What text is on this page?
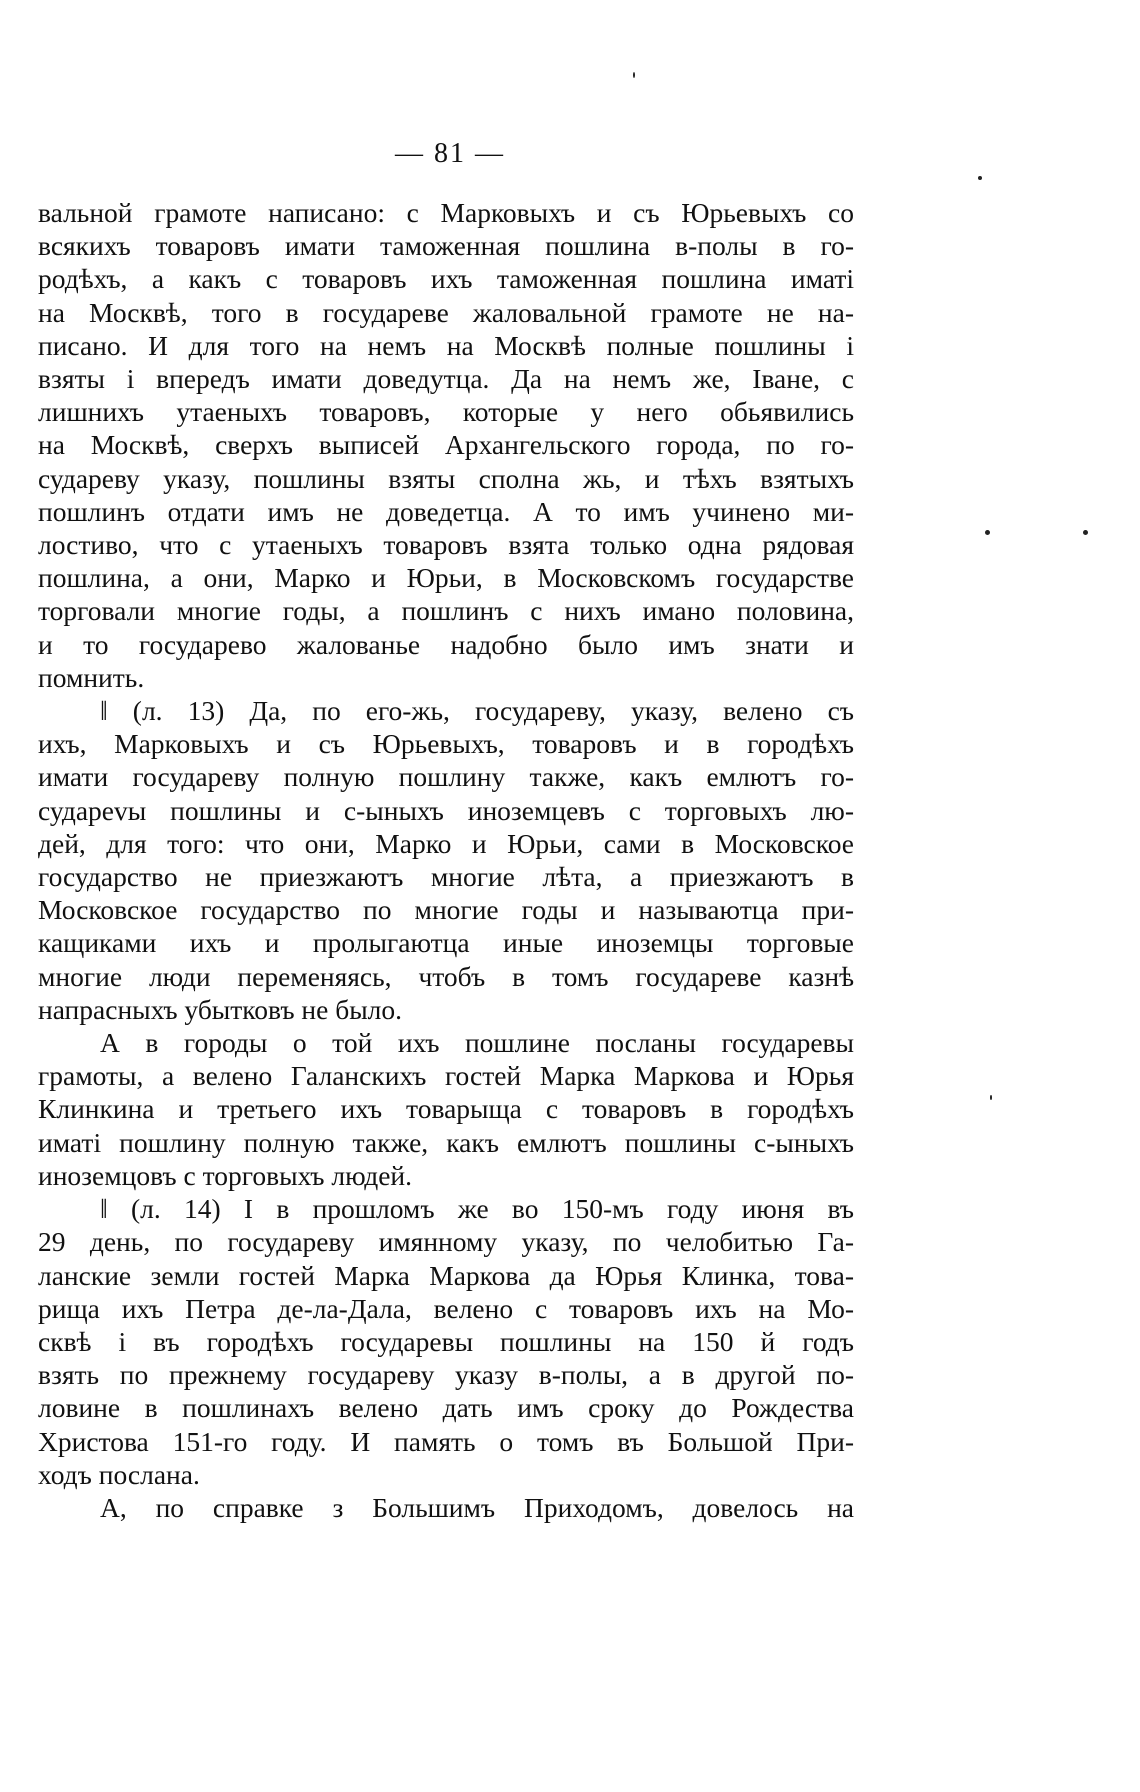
— 81 —
вальной грамоте написано: с Марковыхъ и съ Юрьевыхъ со
всякихъ товаровъ имати таможенная пошлина в-полы в го-
родѣхъ, а какъ с товаровъ ихъ таможенная пошлина иматі
на Москвѣ, того в государеве жаловальной грамоте не на-
писано. И для того на немъ на Москвѣ полные пошлины і
взяты і впередъ имати доведутца. Да на немъ же, Іване, с
лишнихъ утаеныхъ товаровъ, которые у него обьявились
на Москвѣ, сверхъ выписей Архангельского города, по го-
судареву указу, пошлины взяты сполна жь, и тѣхъ взятыхъ
пошлинъ отдати имъ не доведетца. А то имъ учинено ми-
лостиво, что с утаеныхъ товаровъ взята только одна рядовая
пошлина, а они, Марко и Юрьи, в Московскомъ государстве
торговали многие годы, а пошлинъ с нихъ имано половина,
и то государево жалованье надобно было имъ знати и
помнить.
‖ (л. 13) Да, по его-жь, государеву, указу, велено съ
ихъ, Марковыхъ и съ Юрьевыхъ, товаровъ и в городѣхъ
имати государеву полную пошлину также, какъ емлютъ го-
судареvы пошлины и с-ыныхъ иноземцевъ с торговыхъ лю-
дей, для того: что они, Марко и Юрьи, сами в Московское
государство не приезжаютъ многие лѣта, а приезжаютъ в
Московское государство по многие годы и называютца при-
кащиками ихъ и пролыгаютца иные иноземцы торговые
многие люди переменяясь, чтобъ в томъ государеве казнѣ
напрасныхъ убытковъ не было.
А в городы о той ихъ пошлине посланы государевы
грамоты, а велено Галанскихъ гостей Марка Маркова и Юрья
Клинкина и третьего ихъ товарыща с товаровъ в городѣхъ
иматі пошлину полную также, какъ емлютъ пошлины с-ыныхъ
иноземцовъ с торговыхъ людей.
‖ (л. 14) І в прошломъ же во 150-мъ году июня въ
29 день, по государеву имянному указу, по челобитью Га-
ланские земли гостей Марка Маркова да Юрья Клинка, това-
рища ихъ Петра де-ла-Дала, велено с товаровъ ихъ на Мо-
сквѣ і въ городѣхъ государевы пошлины на 150 й годъ
взять по прежнему государеву указу в-полы, а в другой по-
ловине в пошлинахъ велено дать имъ сроку до Рождества
Христова 151-го году. И память о томъ въ Большой При-
ходъ послана.
А, по справке з Большимъ Приходомъ, довелось на
